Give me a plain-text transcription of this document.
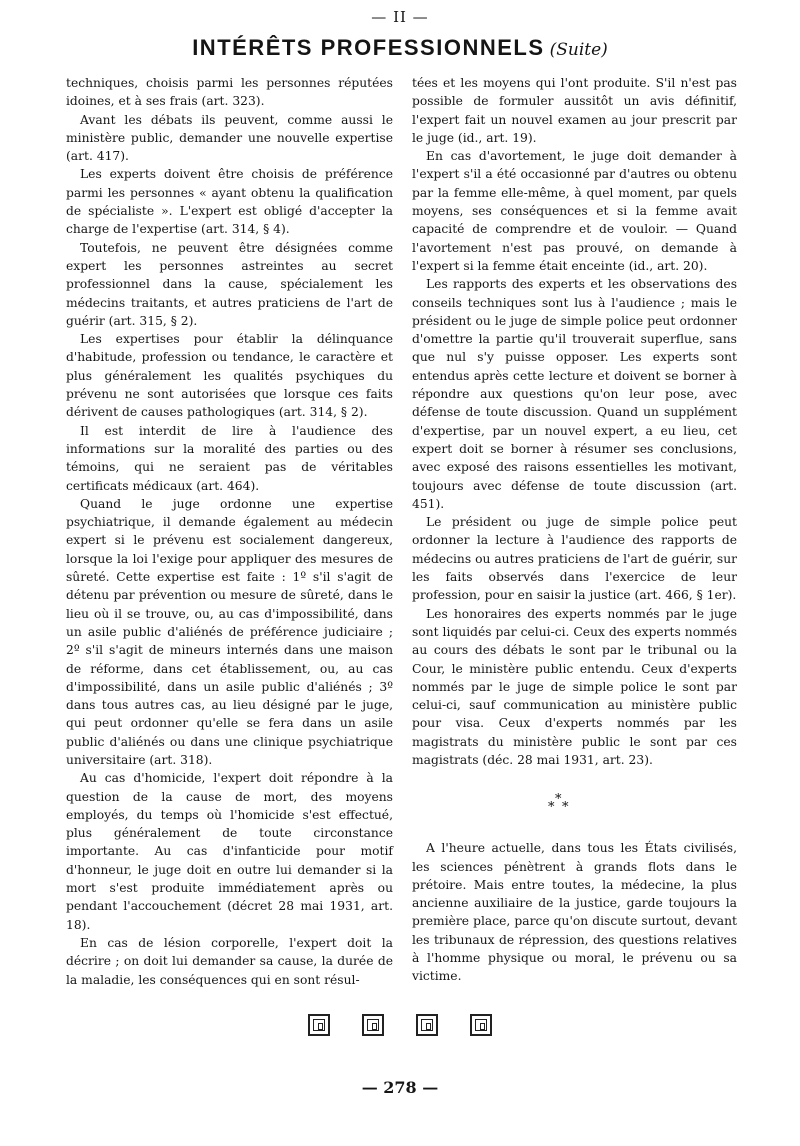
— II —
INTÉRÊTS PROFESSIONNELS (Suite)

techniques, choisis parmi les personnes réputées idoines, et à ses frais (art. 323).

Avant les débats ils peuvent, comme aussi le ministère public, demander une nouvelle expertise (art. 417).

Les experts doivent être choisis de préférence parmi les personnes « ayant obtenu la qualification de spécialiste ». L'expert est obligé d'accepter la charge de l'expertise (art. 314, § 4).

Toutefois, ne peuvent être désignées comme expert les personnes astreintes au secret professionnel dans la cause, spécialement les médecins traitants, et autres praticiens de l'art de guérir (art. 315, § 2).

Les expertises pour établir la délinquance d'habitude, profession ou tendance, le caractère et plus généralement les qualités psychiques du prévenu ne sont autorisées que lorsque ces faits dérivent de causes pathologiques (art. 314, § 2).

Il est interdit de lire à l'audience des informations sur la moralité des parties ou des témoins, qui ne seraient pas de véritables certificats médicaux (art. 464).

Quand le juge ordonne une expertise psychiatrique, il demande également au médecin expert si le prévenu est socialement dangereux, lorsque la loi l'exige pour appliquer des mesures de sûreté. Cette expertise est faite : 1º s'il s'agit de détenu par prévention ou mesure de sûreté, dans le lieu où il se trouve, ou, au cas d'impossibilité, dans un asile public d'aliénés de préférence judiciaire ; 2º s'il s'agit de mineurs internés dans une maison de réforme, dans cet établissement, ou, au cas d'impossibilité, dans un asile public d'aliénés ; 3º dans tous autres cas, au lieu désigné par le juge, qui peut ordonner qu'elle se fera dans un asile public d'aliénés ou dans une clinique psychiatrique universitaire (art. 318).

Au cas d'homicide, l'expert doit répondre à la question de la cause de mort, des moyens employés, du temps où l'homicide s'est effectué, plus généralement de toute circonstance importante. Au cas d'infanticide pour motif d'honneur, le juge doit en outre lui demander si la mort s'est produite immédiatement après ou pendant l'accouchement (décret 28 mai 1931, art. 18).

En cas de lésion corporelle, l'expert doit la décrire ; on doit lui demander sa cause, la durée de la maladie, les conséquences qui en sont résul-

tées et les moyens qui l'ont produite. S'il n'est pas possible de formuler aussitôt un avis définitif, l'expert fait un nouvel examen au jour prescrit par le juge (id., art. 19).

En cas d'avortement, le juge doit demander à l'expert s'il a été occasionné par d'autres ou obtenu par la femme elle-même, à quel moment, par quels moyens, ses conséquences et si la femme avait capacité de comprendre et de vouloir. — Quand l'avortement n'est pas prouvé, on demande à l'expert si la femme était enceinte (id., art. 20).

Les rapports des experts et les observations des conseils techniques sont lus à l'audience ; mais le président ou le juge de simple police peut ordonner d'omettre la partie qu'il trouverait superflue, sans que nul s'y puisse opposer. Les experts sont entendus après cette lecture et doivent se borner à répondre aux questions qu'on leur pose, avec défense de toute discussion. Quand un supplément d'expertise, par un nouvel expert, a eu lieu, cet expert doit se borner à résumer ses conclusions, avec exposé des raisons essentielles les motivant, toujours avec défense de toute discussion (art. 451).

Le président ou juge de simple police peut ordonner la lecture à l'audience des rapports de médecins ou autres praticiens de l'art de guérir, sur les faits observés dans l'exercice de leur profession, pour en saisir la justice (art. 466, § 1er).

Les honoraires des experts nommés par le juge sont liquidés par celui-ci. Ceux des experts nommés au cours des débats le sont par le tribunal ou la Cour, le ministère public entendu. Ceux d'experts nommés par le juge de simple police le sont par celui-ci, sauf communication au ministère public pour visa. Ceux d'experts nommés par les magistrats du ministère public le sont par ces magistrats (déc. 28 mai 1931, art. 23).

*
* *

A l'heure actuelle, dans tous les États civilisés, les sciences pénètrent à grands flots dans le prétoire. Mais entre toutes, la médecine, la plus ancienne auxiliaire de la justice, garde toujours la première place, parce qu'on discute surtout, devant les tribunaux de répression, des questions relatives à l'homme physique ou moral, le prévenu ou sa victime.

— 278 —
